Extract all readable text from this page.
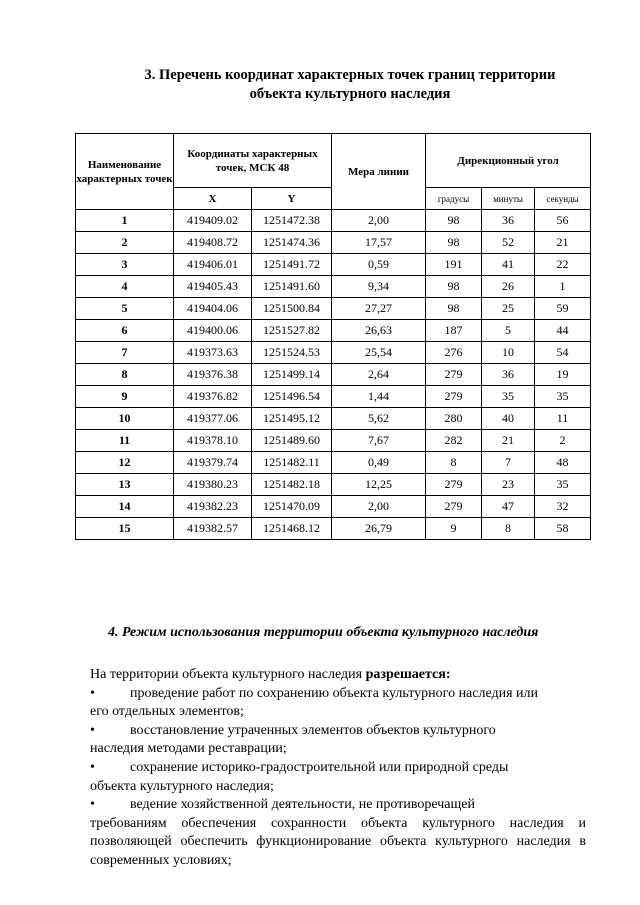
3. Перечень координат характерных точек границ территории
объекта культурного наследия
Наименование характерных точек	Координаты характерных точек, МСК 48		Мера линии	Дирекционный угол		
	X	Y		градусы	минуты	секунды

1	419409.02	1251472.38	2,00	98	36	56
2	419408.72	1251474.36	17,57	98	52	21
3	419406.01	1251491.72	0,59	191	41	22
4	419405.43	1251491.60	9,34	98	26	1
5	419404.06	1251500.84	27,27	98	25	59
6	419400.06	1251527.82	26,63	187	5	44
7	419373.63	1251524.53	25,54	276	10	54
8	419376.38	1251499.14	2,64	279	36	19
9	419376.82	1251496.54	1,44	279	35	35
10	419377.06	1251495.12	5,62	280	40	11
11	419378.10	1251489.60	7,67	282	21	2
12	419379.74	1251482.11	0,49	8	7	48
13	419380.23	1251482.18	12,25	279	23	35
14	419382.23	1251470.09	2,00	279	47	32
15	419382.57	1251468.12	26,79	9	8	58
4. Режим использования территории объекта культурного наследия

На территории объекта культурного наследия разрешается:

•	проведение работ по сохранению объекта культурного наследия или
его отдельных элементов;
•	восстановление утраченных элементов объектов культурного
наследия методами реставрации;
•	сохранение историко-градостроительной или природной среды
объекта культурного наследия;
•	ведение хозяйственной деятельности, не противоречащей
требованиям обеспечения сохранности объекта культурного наследия и позволяющей обеспечить функционирование объекта культурного наследия в современных условиях;
